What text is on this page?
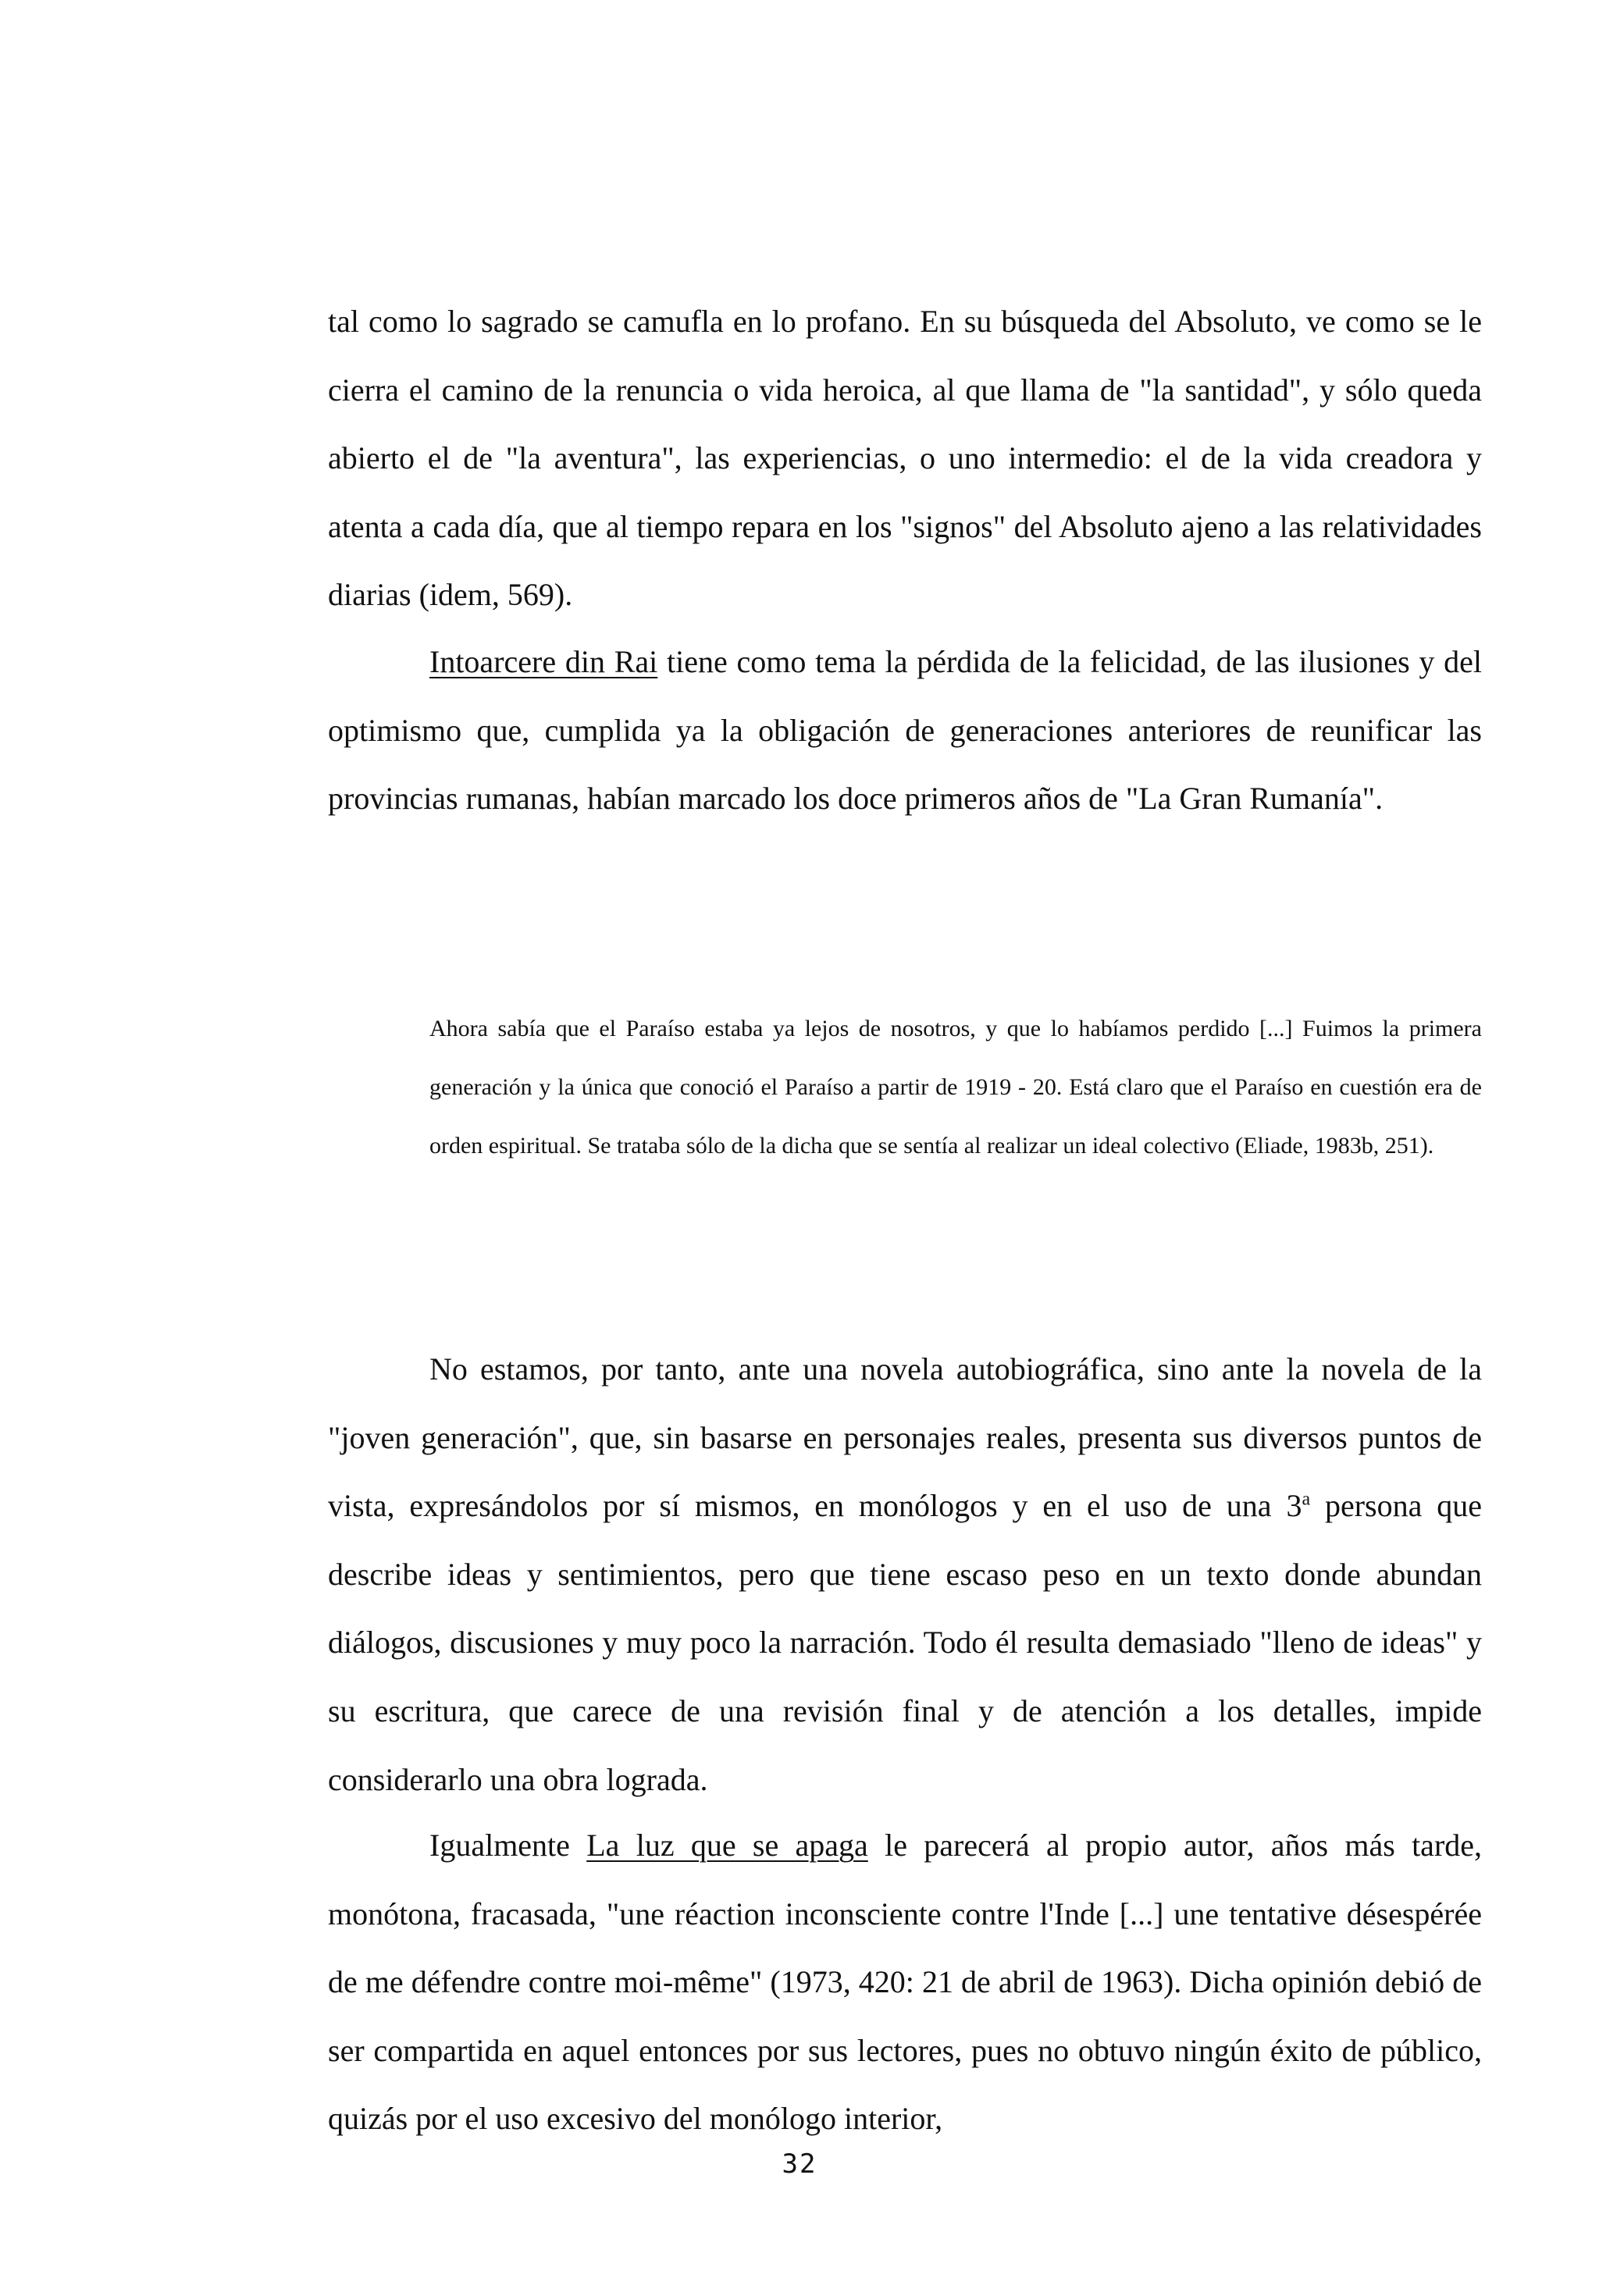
tal como lo sagrado se camufla en lo profano. En su búsqueda del Absoluto, ve como se le cierra el camino de la renuncia o vida heroica, al que llama de "la santidad", y sólo queda abierto el de "la aventura", las experiencias, o uno intermedio: el de la vida creadora y atenta a cada día, que al tiempo repara en los "signos" del Absoluto ajeno a las relatividades diarias (idem, 569).

Intoarcere din Rai tiene como tema la pérdida de la felicidad, de las ilusiones y del optimismo que, cumplida ya la obligación de generaciones anteriores de reunificar las provincias rumanas, habían marcado los doce primeros años de "La Gran Rumanía".

Ahora sabía que el Paraíso estaba ya lejos de nosotros, y que lo habíamos perdido [...] Fuimos la primera generación y la única que conoció el Paraíso a partir de 1919 - 20. Está claro que el Paraíso en cuestión era de orden espiritual. Se trataba sólo de la dicha que se sentía al realizar un ideal colectivo (Eliade, 1983b, 251).

No estamos, por tanto, ante una novela autobiográfica, sino ante la novela de la "joven generación", que, sin basarse en personajes reales, presenta sus diversos puntos de vista, expresándolos por sí mismos, en monólogos y en el uso de una 3$^a$ persona que describe ideas y sentimientos, pero que tiene escaso peso en un texto donde abundan diálogos, discusiones y muy poco la narración. Todo él resulta demasiado "lleno de ideas" y su escritura, que carece de una revisión final y de atención a los detalles, impide considerarlo una obra lograda.

Igualmente La luz que se apaga le parecerá al propio autor, años más tarde, monótona, fracasada, "une réaction inconsciente contre l'Inde [...] une tentative désespérée de me défendre contre moi-même" (1973, 420: 21 de abril de 1963). Dicha opinión debió de ser compartida en aquel entonces por sus lectores, pues no obtuvo ningún éxito de público, quizás por el uso excesivo del monólogo interior,

32
